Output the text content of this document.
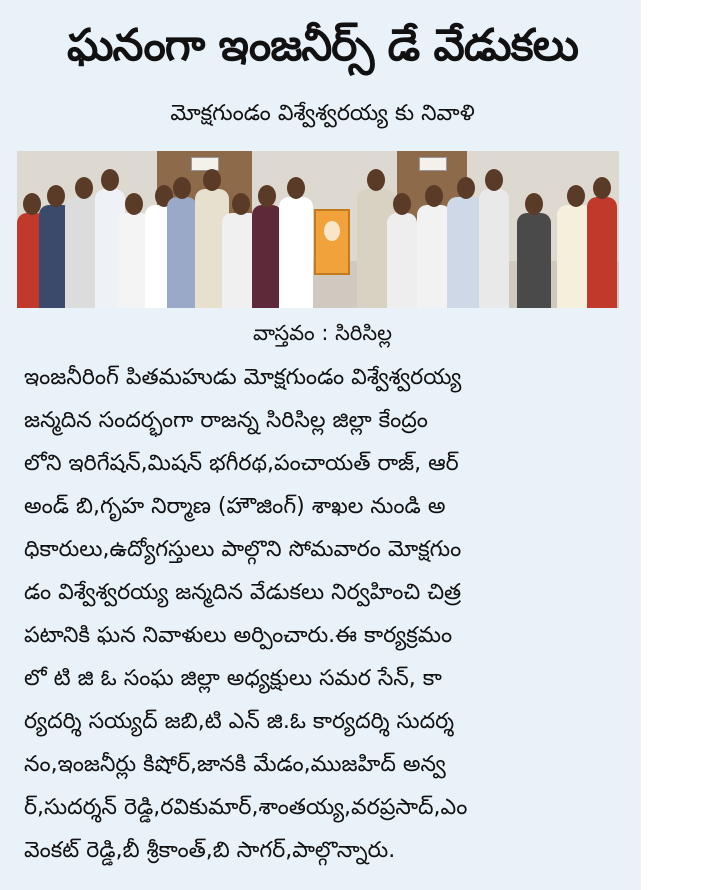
ఘనంగా ఇంజనీర్స్ డే వేడుకలు
మోక్షగుండం విశ్వేశ్వరయ్య కు నివాళి
వాస్తవం : సిరిసిల్ల
ఇంజనీరింగ్ పితమహుడు మోక్షగుండం విశ్వేశ్వరయ్య
జన్మదిన సందర్భంగా రాజన్న సిరిసిల్ల జిల్లా కేంద్రం
లోని ఇరిగేషన్,మిషన్ భగీరథ,పంచాయత్ రాజ్, ఆర్
అండ్ బి,గృహ నిర్మాణ (హౌజింగ్) శాఖల నుండి అ
ధికారులు,ఉద్యోగస్తులు పాల్గొని సోమవారం మోక్షగుం
డం విశ్వేశ్వరయ్య జన్మదిన వేడుకలు నిర్వహించి చిత్ర
పటానికి ఘన నివాళులు అర్పించారు.ఈ కార్యక్రమం
లో టి జి ఓ సంఘ జిల్లా అధ్యక్షులు సమర సేన్, కా
ర్యదర్శి సయ్యద్ జబి,టి ఎన్ జి.ఓ కార్యదర్శి సుదర్శ
నం,ఇంజనీర్లు కిషోర్,జానకి మేడం,ముజహిద్ అన్వ
ర్,సుదర్శన్ రెడ్డి,రవికుమార్,శాంతయ్య,వరప్రసాద్,ఎం
వెంకట్ రెడ్డి,బీ శ్రీకాంత్,బి సాగర్,పాల్గొన్నారు.
